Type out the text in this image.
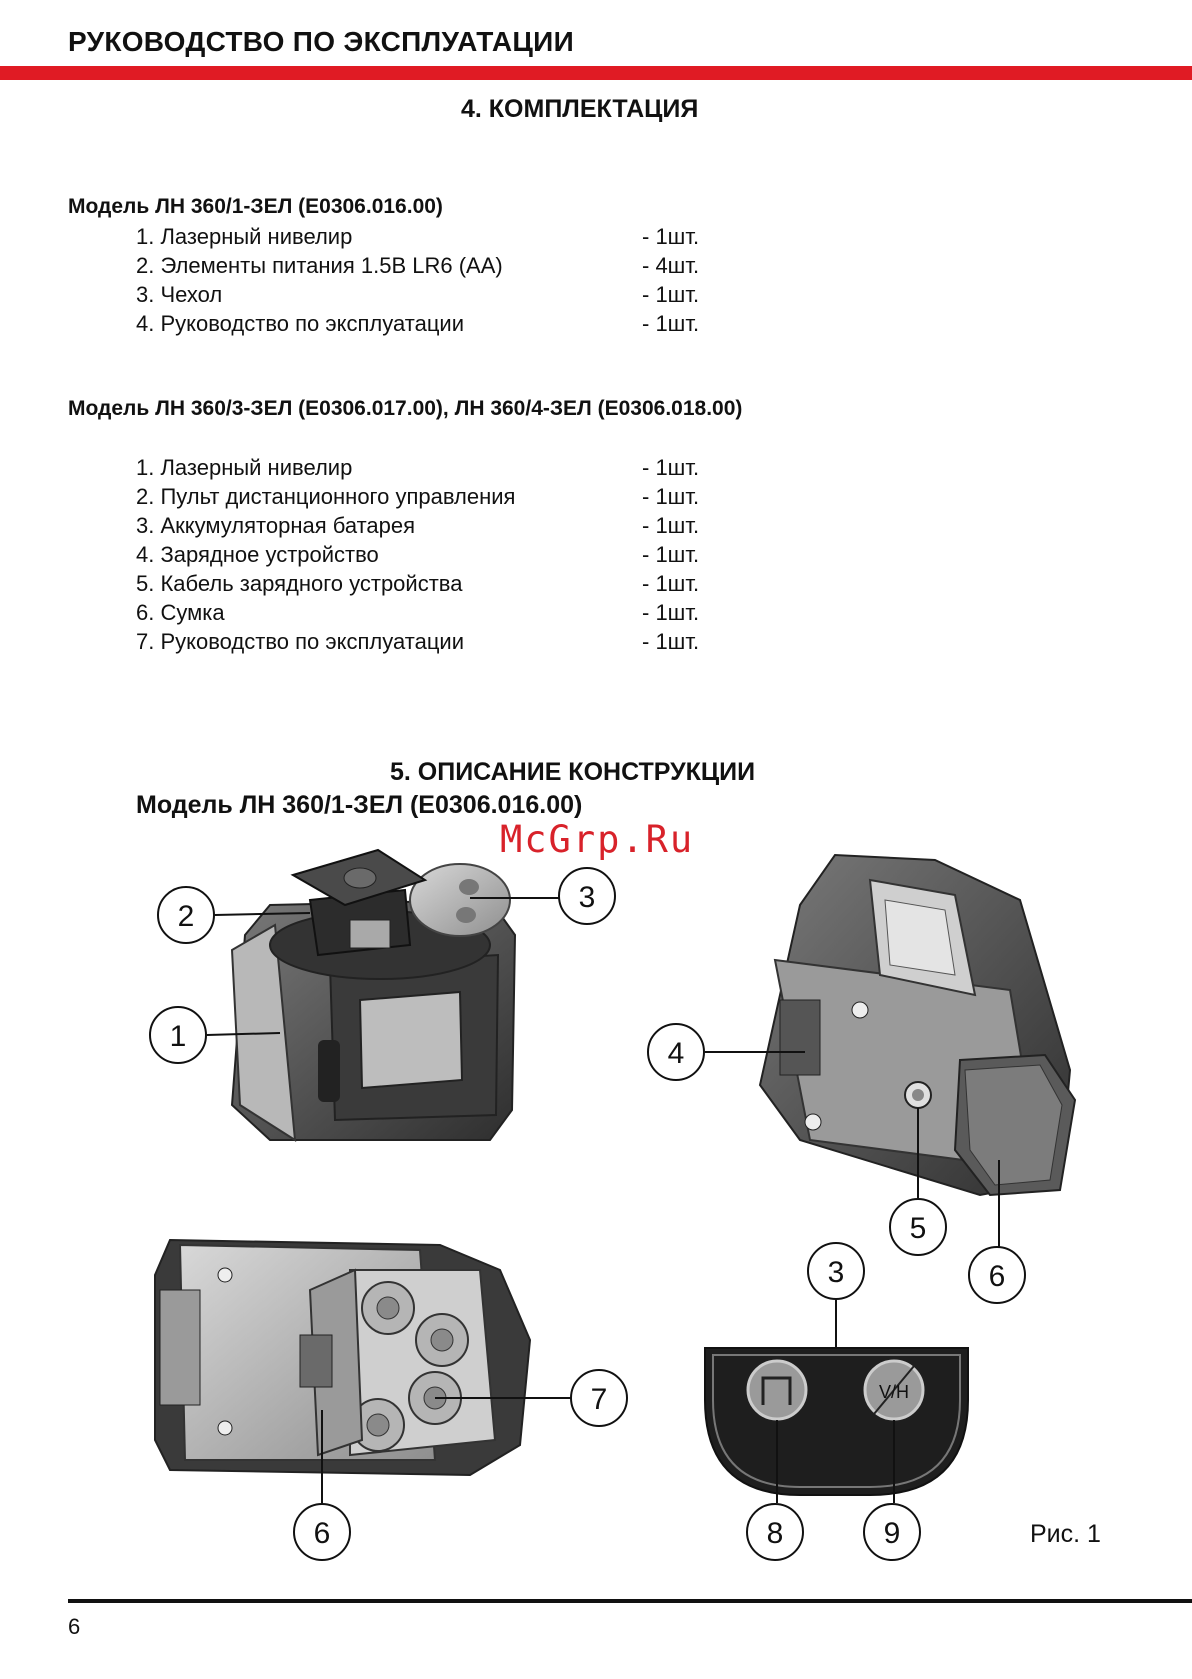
РУКОВОДСТВО ПО ЭКСПЛУАТАЦИИ
4. КОМПЛЕКТАЦИЯ
Модель ЛН 360/1-ЗЕЛ (Е0306.016.00)
1. Лазерный нивелир	- 1шт.
2. Элементы питания 1.5В LR6 (АА)	- 4шт.
3. Чехол	- 1шт.
4. Руководство по эксплуатации	- 1шт.
Модель ЛН 360/3-ЗЕЛ (Е0306.017.00), ЛН 360/4-ЗЕЛ (Е0306.018.00)
1. Лазерный нивелир	- 1шт.
2. Пульт дистанционного управления	- 1шт.
3. Аккумуляторная батарея	- 1шт.
4. Зарядное устройство	- 1шт.
5. Кабель зарядного устройства	- 1шт.
6. Сумка	- 1шт.
7. Руководство по эксплуатации	- 1шт.
5. ОПИСАНИЕ КОНСТРУКЦИИ
Модель ЛН 360/1-ЗЕЛ (Е0306.016.00)
McGrp.Ru
2
1
3
4
5
6
3
7
6	8	9
V/H
Рис. 1
6
